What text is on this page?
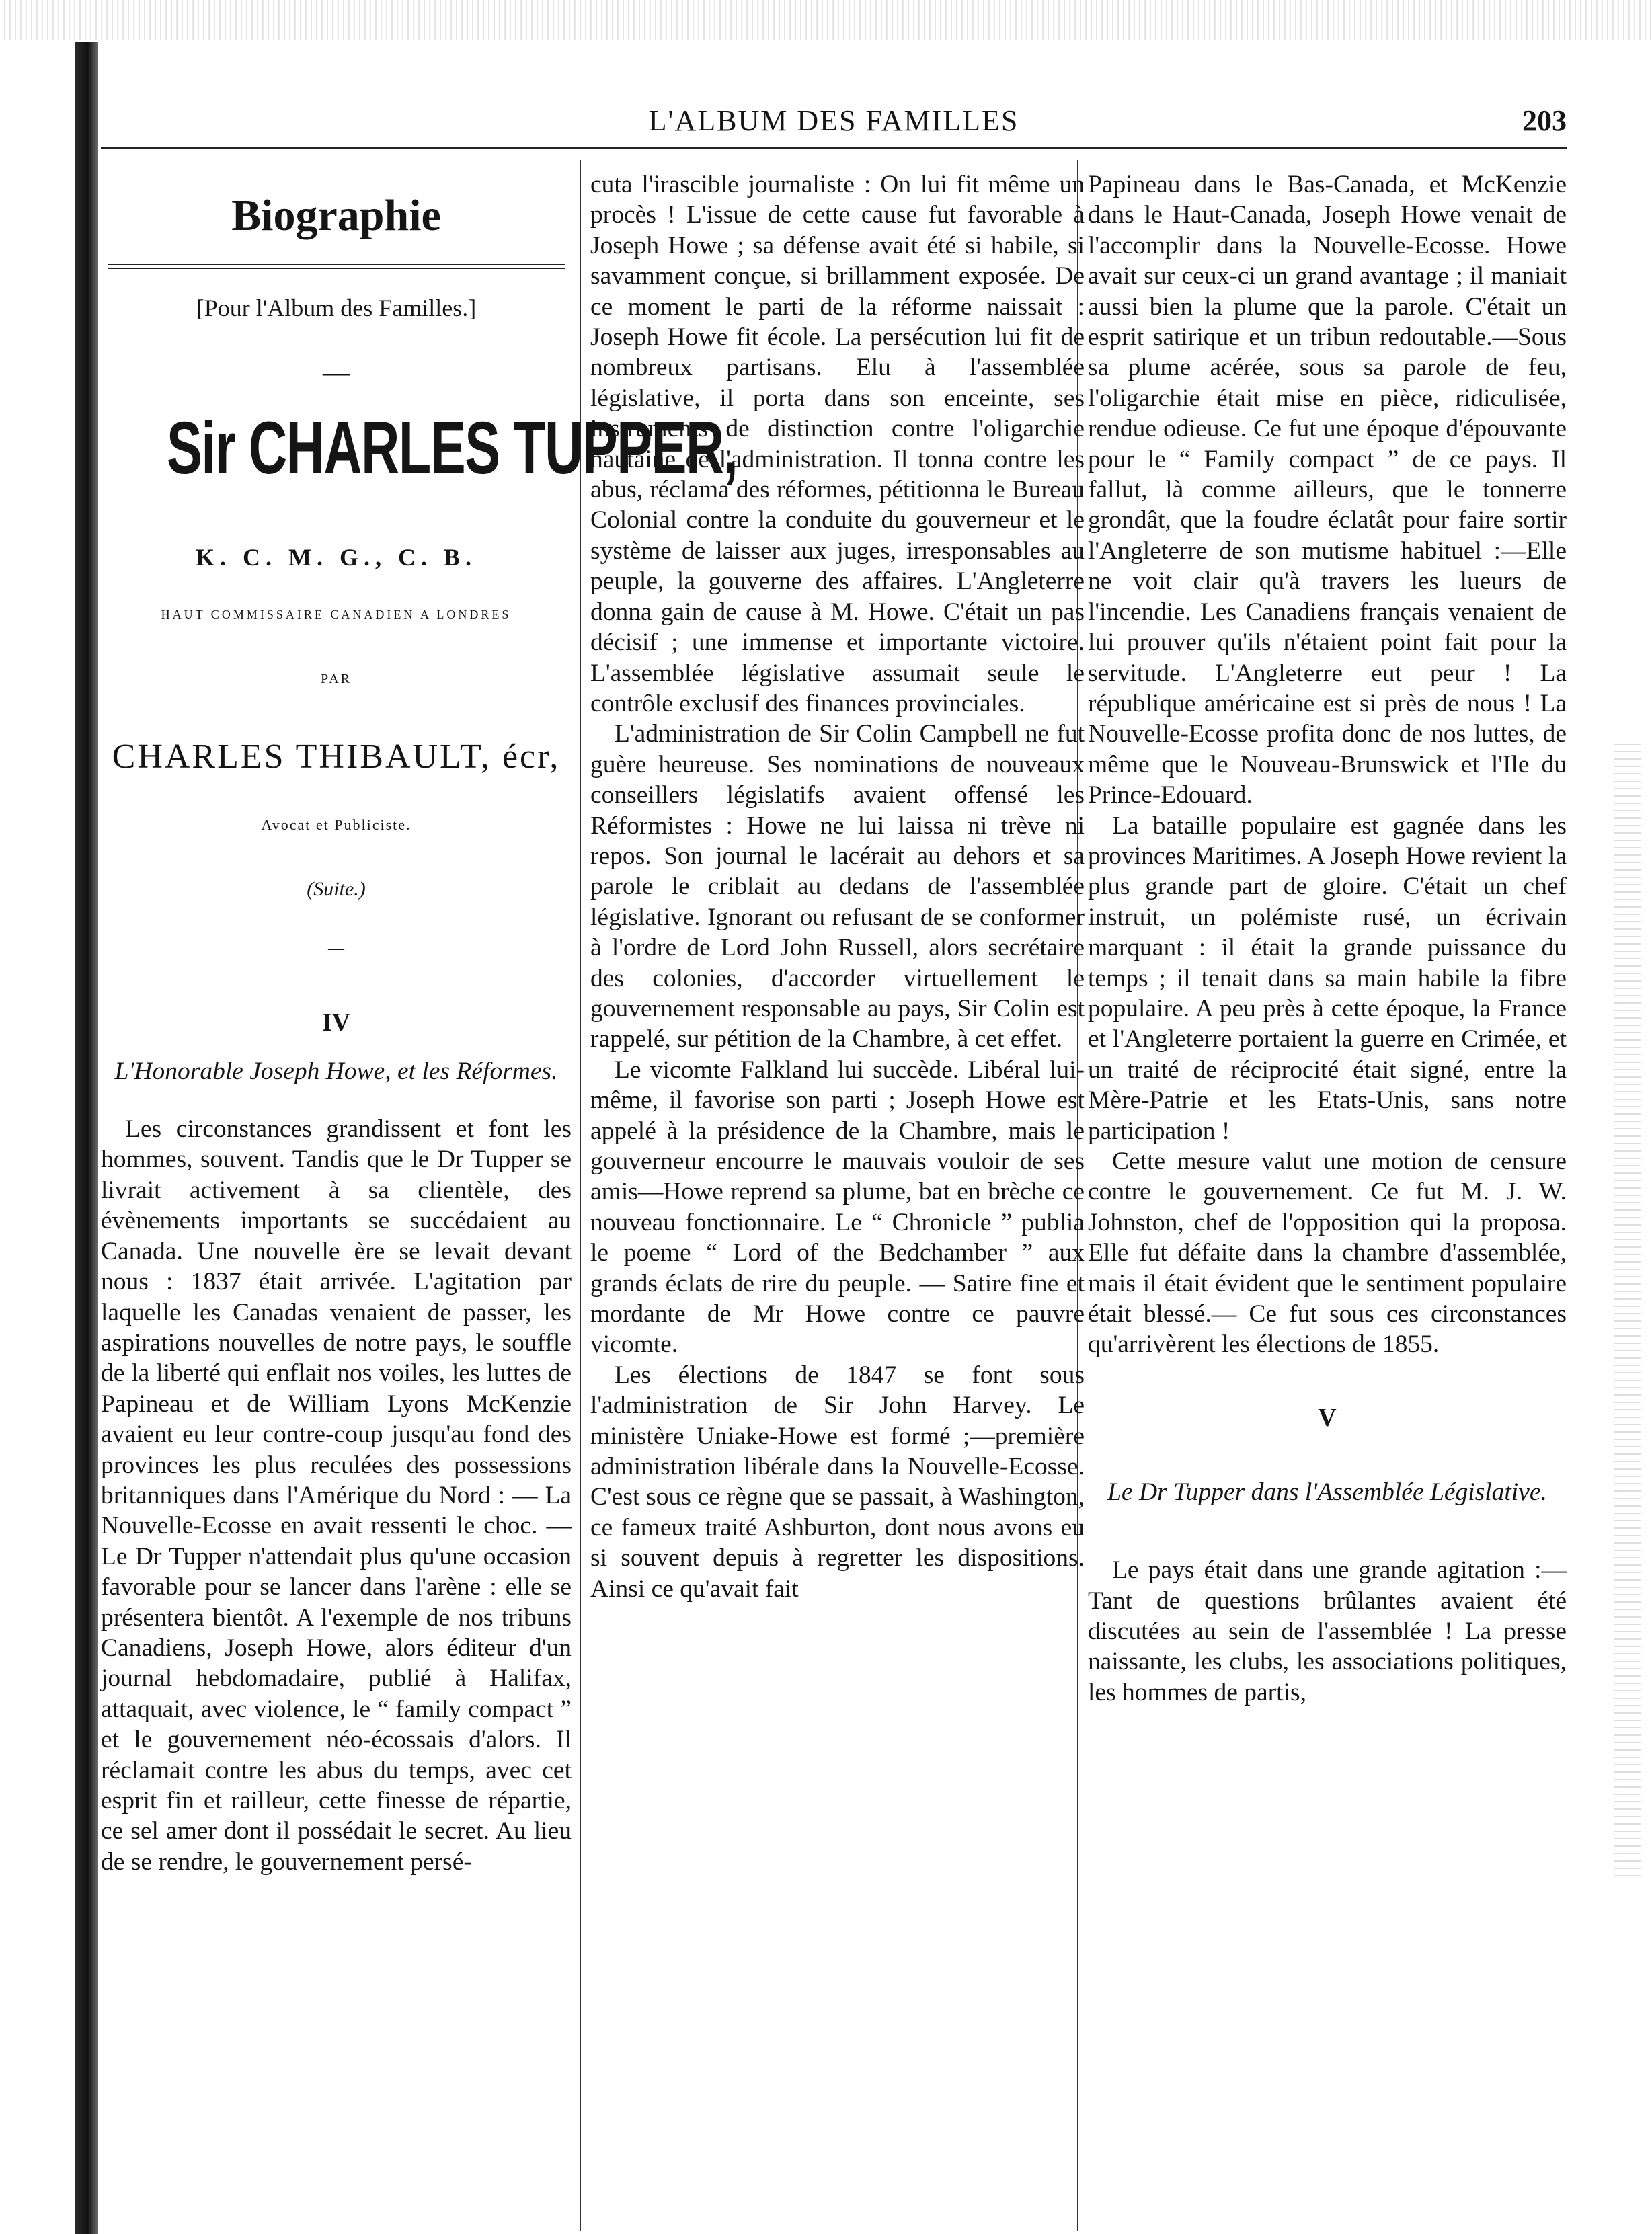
L'ALBUM DES FAMILLES	203
Biographie
[Pour l'Album des Familles.]
—
Sir CHARLES TUPPER,
K. C. M. G., C. B.
HAUT COMMISSAIRE CANADIEN A LONDRES
PAR
CHARLES THIBAULT, écr,
Avocat et Publiciste.
(Suite.)
—
IV
L'Honorable Joseph Howe, et les Réformes.

Les circonstances grandissent et font les hommes, souvent. Tandis que le Dr Tupper se livrait activement à sa clientèle, des évènements importants se succédaient au Canada. Une nouvelle ère se levait devant nous : 1837 était arrivée. L'agitation par laquelle les Canadas venaient de passer, les aspirations nouvelles de notre pays, le souffle de la liberté qui enflait nos voiles, les luttes de Papineau et de William Lyons McKenzie avaient eu leur contre-coup jusqu'au fond des provinces les plus reculées des possessions britanniques dans l'Amérique du Nord : — La Nouvelle-Ecosse en avait ressenti le choc. — Le Dr Tupper n'attendait plus qu'une occasion favorable pour se lancer dans l'arène : elle se présentera bientôt. A l'exemple de nos tribuns Canadiens, Joseph Howe, alors éditeur d'un journal hebdomadaire, publié à Halifax, attaquait, avec violence, le “ family compact ” et le gouvernement néo-écossais d'alors. Il réclamait contre les abus du temps, avec cet esprit fin et railleur, cette finesse de répartie, ce sel amer dont il possédait le secret. Au lieu de se rendre, le gouvernement persé-

cuta l'irascible journaliste : On lui fit même un procès ! L'issue de cette cause fut favorable à Joseph Howe ; sa défense avait été si habile, si savamment conçue, si brillamment exposée. De ce moment le parti de la réforme naissait : Joseph Howe fit école. La persécution lui fit de nombreux partisans. Elu à l'assemblée législative, il porta dans son enceinte, ses instruments de distinction contre l'oligarchie hautaine de l'administration. Il tonna contre les abus, réclama des réformes, pétitionna le Bureau Colonial contre la conduite du gouverneur et le système de laisser aux juges, irresponsables au peuple, la gouverne des affaires. L'Angleterre donna gain de cause à M. Howe. C'était un pas décisif ; une immense et importante victoire. L'assemblée législative assumait seule le contrôle exclusif des finances provinciales.

L'administration de Sir Colin Campbell ne fut guère heureuse. Ses nominations de nouveaux conseillers législatifs avaient offensé les Réformistes : Howe ne lui laissa ni trève ni repos. Son journal le lacérait au dehors et sa parole le criblait au dedans de l'assemblée législative. Ignorant ou refusant de se conformer à l'ordre de Lord John Russell, alors secrétaire des colonies, d'accorder virtuellement le gouvernement responsable au pays, Sir Colin est rappelé, sur pétition de la Chambre, à cet effet.

Le vicomte Falkland lui succède. Libéral lui-même, il favorise son parti ; Joseph Howe est appelé à la présidence de la Chambre, mais le gouverneur encourre le mauvais vouloir de ses amis—Howe reprend sa plume, bat en brèche ce nouveau fonctionnaire. Le “ Chronicle ” publia le poeme “ Lord of the Bedchamber ” aux grands éclats de rire du peuple. — Satire fine et mordante de Mr Howe contre ce pauvre vicomte.

Les élections de 1847 se font sous l'administration de Sir John Harvey. Le ministère Uniake-Howe est formé ;—première administration libérale dans la Nouvelle-Ecosse. C'est sous ce règne que se passait, à Washington, ce fameux traité Ashburton, dont nous avons eu si souvent depuis à regretter les dispositions. Ainsi ce qu'avait fait

Papineau dans le Bas-Canada, et McKenzie dans le Haut-Canada, Joseph Howe venait de l'accomplir dans la Nouvelle-Ecosse. Howe avait sur ceux-ci un grand avantage ; il maniait aussi bien la plume que la parole. C'était un esprit satirique et un tribun redoutable.—Sous sa plume acérée, sous sa parole de feu, l'oligarchie était mise en pièce, ridiculisée, rendue odieuse. Ce fut une époque d'épouvante pour le “ Family compact ” de ce pays. Il fallut, là comme ailleurs, que le tonnerre grondât, que la foudre éclatât pour faire sortir l'Angleterre de son mutisme habituel :—Elle ne voit clair qu'à travers les lueurs de l'incendie. Les Canadiens français venaient de lui prouver qu'ils n'étaient point fait pour la servitude. L'Angleterre eut peur ! La république américaine est si près de nous ! La Nouvelle-Ecosse profita donc de nos luttes, de même que le Nouveau-Brunswick et l'Ile du Prince-Edouard.

La bataille populaire est gagnée dans les provinces Maritimes. A Joseph Howe revient la plus grande part de gloire. C'était un chef instruit, un polémiste rusé, un écrivain marquant : il était la grande puissance du temps ; il tenait dans sa main habile la fibre populaire. A peu près à cette époque, la France et l'Angleterre portaient la guerre en Crimée, et un traité de réciprocité était signé, entre la Mère-Patrie et les Etats-Unis, sans notre participation !

Cette mesure valut une motion de censure contre le gouvernement. Ce fut M. J. W. Johnston, chef de l'opposition qui la proposa. Elle fut défaite dans la chambre d'assemblée, mais il était évident que le sentiment populaire était blessé.— Ce fut sous ces circonstances qu'arrivèrent les élections de 1855.

V
Le Dr Tupper dans l'Assemblée Législative.

Le pays était dans une grande agitation :—Tant de questions brûlantes avaient été discutées au sein de l'assemblée ! La presse naissante, les clubs, les associations politiques, les hommes de partis,
